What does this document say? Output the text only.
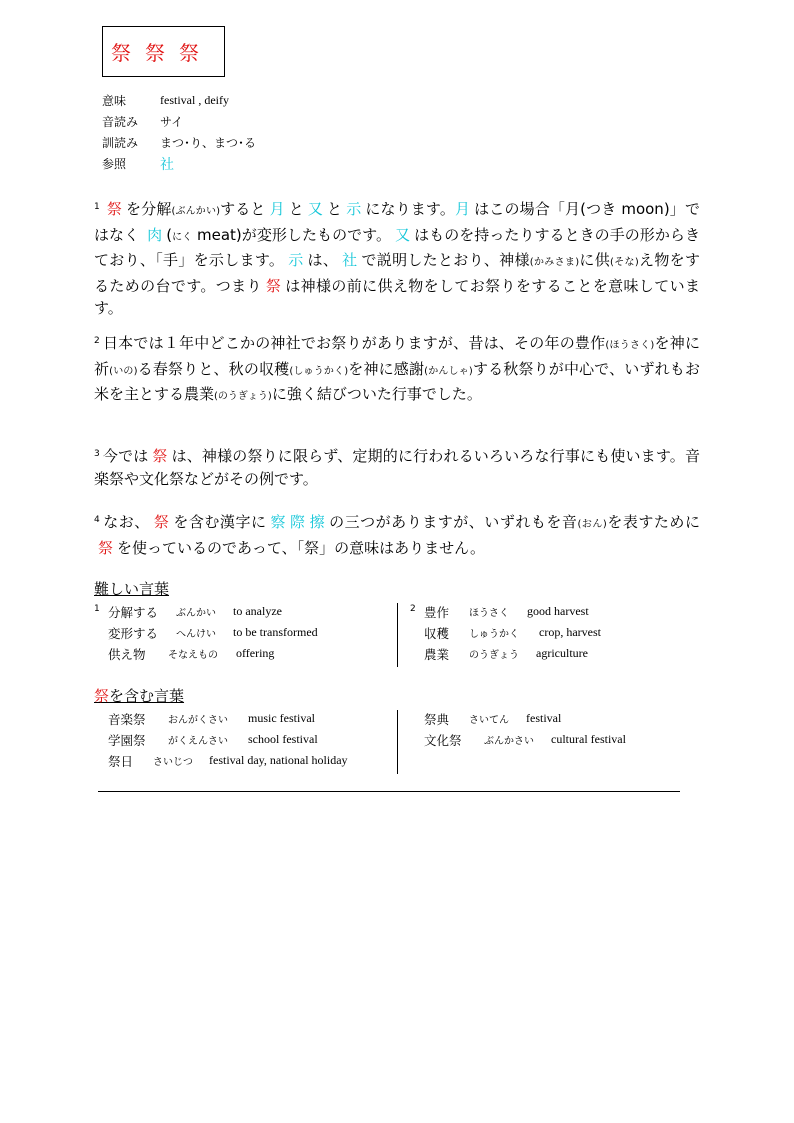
祭 祭 祭
意味	festival , deify
音読み	サイ
訓読み	まつ･り、まつ･る
参照	社
$^1$ 祭 を分解(ぶんかい)すると 月 と 又 と 示 になります。月 はこの場合「月(つき moon)」ではなく 肉 (にく meat)が変形したものです。 又 はものを持ったりするときの手の形からきており、「手」を示します。 示 は、 社 で説明したとおり、神様(かみさま)に供(そな)え物をするための台です。つまり 祭 は神様の前に供え物をしてお祭りをすることを意味しています。
$^2$ 日本では１年中どこかの神社でお祭りがありますが、昔は、その年の豊作(ほうさく)を神に祈(いの)る春祭りと、秋の収穫(しゅうかく)を神に感謝(かんしゃ)する秋祭りが中心で、いずれもお米を主とする農業(のうぎょう)に強く結びついた行事でした。
$^3$ 今では 祭 は、神様の祭りに限らず、定期的に行われるいろいろな行事にも使います。音楽祭や文化祭などがその例です。
$^4$ なお、 祭 を含む漢字に 察 際 擦 の三つがありますが、いずれもを音(おん)を表すために祭 を使っているのであって、「祭」の意味はありません。
難しい言葉
1 分解する	ぶんかい	to analyze
変形する	へんけい	to be transformed
供え物	そなえもの	offering
2 豊作	ほうさく	good harvest
収穫	しゅうかく	crop, harvest
農業	のうぎょう	agriculture
祭を含む言葉
音楽祭	おんがくさい	music festival
学園祭	がくえんさい	school festival
祭日	さいじつ	festival day, national holiday
祭典	さいてん	festival
文化祭	ぶんかさい	cultural festival
